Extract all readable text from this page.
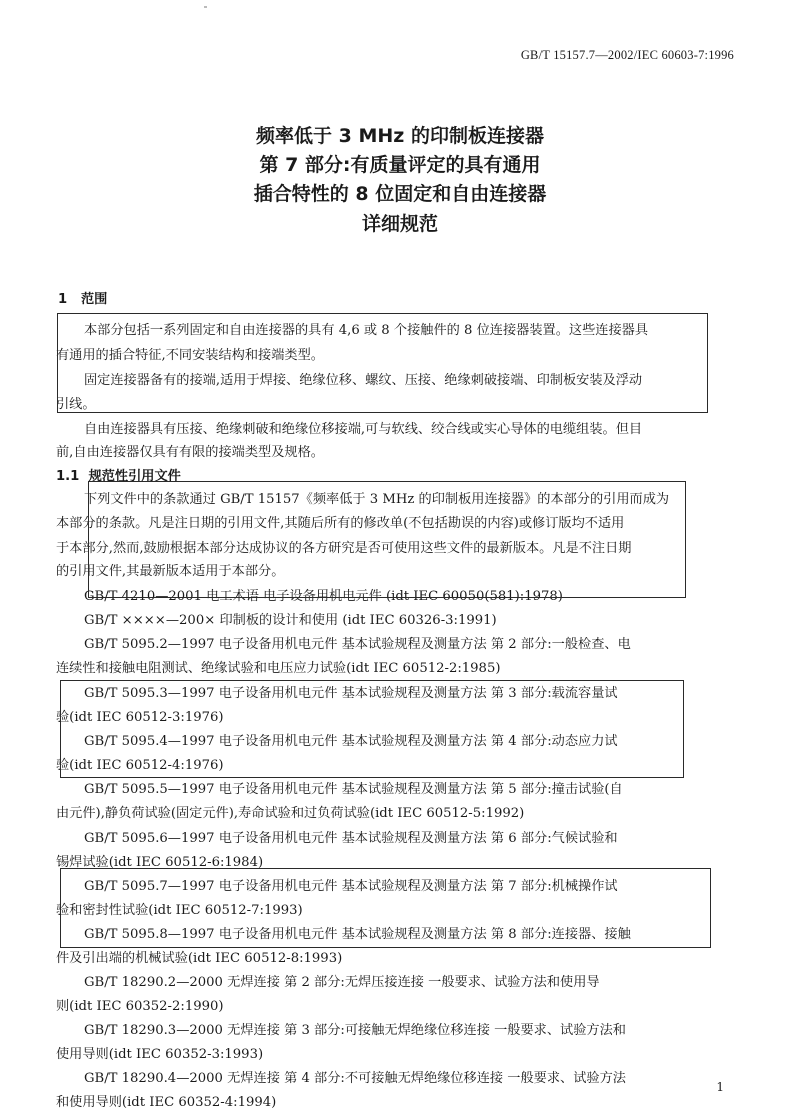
GB/T 15157.7—2002/IEC 60603-7:1996
频率低于 3 MHz 的印制板连接器
第 7 部分:有质量评定的具有通用
插合特性的 8 位固定和自由连接器
详细规范
1 范围
本部分包括一系列固定和自由连接器的具有 4,6 或 8 个接触件的 8 位连接器装置。这些连接器具
有通用的插合特征,不同安装结构和接端类型。
固定连接器备有的接端,适用于焊接、绝缘位移、螺纹、压接、绝缘刺破接端、印制板安装及浮动
引线。
自由连接器具有压接、绝缘刺破和绝缘位移接端,可与软线、绞合线或实心导体的电缆组装。但目
前,自由连接器仅具有有限的接端类型及规格。
1.1 规范性引用文件
下列文件中的条款通过 GB/T 15157《频率低于 3 MHz 的印制板用连接器》的本部分的引用而成为
本部分的条款。凡是注日期的引用文件,其随后所有的修改单(不包括勘误的内容)或修订版均不适用
于本部分,然而,鼓励根据本部分达成协议的各方研究是否可使用这些文件的最新版本。凡是不注日期
的引用文件,其最新版本适用于本部分。
GB/T 4210—2001 电工术语 电子设备用机电元件 (idt IEC 60050(581):1978)
GB/T ××××—200× 印制板的设计和使用 (idt IEC 60326-3:1991)
GB/T 5095.2—1997 电子设备用机电元件 基本试验规程及测量方法 第 2 部分:一般检查、电
连续性和接触电阻测试、绝缘试验和电压应力试验(idt IEC 60512-2:1985)
GB/T 5095.3—1997 电子设备用机电元件 基本试验规程及测量方法 第 3 部分:载流容量试
验(idt IEC 60512-3:1976)
GB/T 5095.4—1997 电子设备用机电元件 基本试验规程及测量方法 第 4 部分:动态应力试
验(idt IEC 60512-4:1976)
GB/T 5095.5—1997 电子设备用机电元件 基本试验规程及测量方法 第 5 部分:撞击试验(自
由元件),静负荷试验(固定元件),寿命试验和过负荷试验(idt IEC 60512-5:1992)
GB/T 5095.6—1997 电子设备用机电元件 基本试验规程及测量方法 第 6 部分:气候试验和
锡焊试验(idt IEC 60512-6:1984)
GB/T 5095.7—1997 电子设备用机电元件 基本试验规程及测量方法 第 7 部分:机械操作试
验和密封性试验(idt IEC 60512-7:1993)
GB/T 5095.8—1997 电子设备用机电元件 基本试验规程及测量方法 第 8 部分:连接器、接触
件及引出端的机械试验(idt IEC 60512-8:1993)
GB/T 18290.2—2000 无焊连接 第 2 部分:无焊压接连接 一般要求、试验方法和使用导
则(idt IEC 60352-2:1990)
GB/T 18290.3—2000 无焊连接 第 3 部分:可接触无焊绝缘位移连接 一般要求、试验方法和
使用导则(idt IEC 60352-3:1993)
GB/T 18290.4—2000 无焊连接 第 4 部分:不可接触无焊绝缘位移连接 一般要求、试验方法
和使用导则(idt IEC 60352-4:1994)
1
